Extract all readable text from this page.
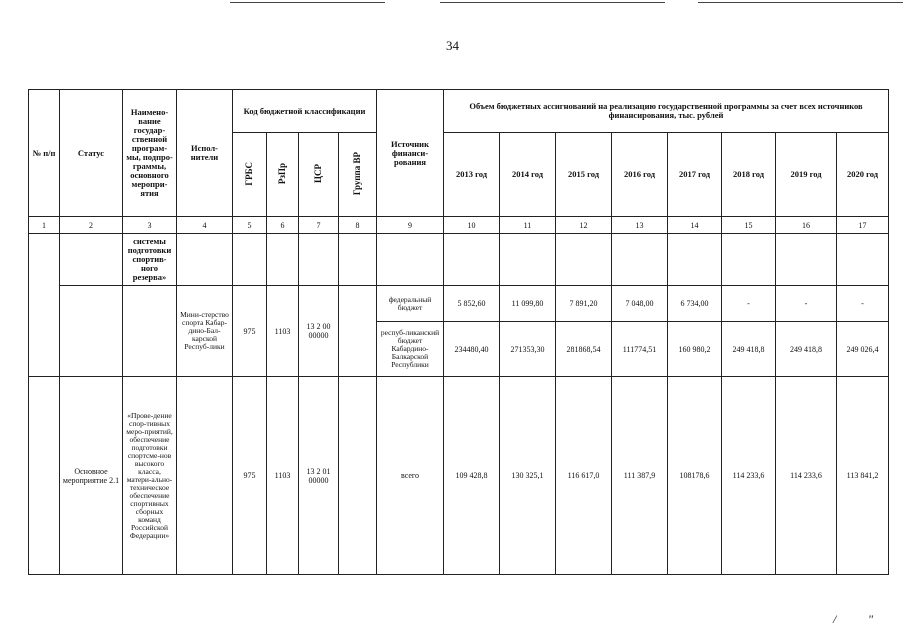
34
№ п/п	Статус	Наимено-вание государ-ственной програм-мы, подпро-граммы, основного меропри-ятия	Испол-нители	Код бюджетной классификации				Источник финанси-рования	Объем бюджетных ассигнований на реализацию государственной программы за счет всех источников финансирования, тыс. рублей							
				ГРБС	РзПр	ЦСР	Группа ВР		2013 год	2014 год	2015 год	2016 год	2017 год	2018 год	2019 год	2020 год
1	2	3	4	5	6	7	8	9	10	11	12	13	14	15	16	17
		системы подготовки спортив-ного резерва»														
			Мини-стерство спорта Кабар-дино-Бал-карской Респуб-лики	975	1103	13 2 00 00000		федеральный бюджет	5 852,60	11 099,80	7 891,20	7 048,00	6 734,00	-	-	-
								респуб-ликанский бюджет Кабардино-Балкарской Республики	234480,40	271353,30	281868,54	111774,51	160 980,2	249 418,8	249 418,8	249 026,4
	Основное мероприятие 2.1	«Прове-дение спор-тивных меро-приятий, обеспечение подготовки спортсме-нов высокого класса, матери-ально-техническое обеспечение спортивных сборных команд Российской Федерации»		975	1103	13 2 01 00000		всего	109 428,8	130 325,1	116 617,0	111 387,9	108178,6	114 233,6	114 233,6	113 841,2
/	"
